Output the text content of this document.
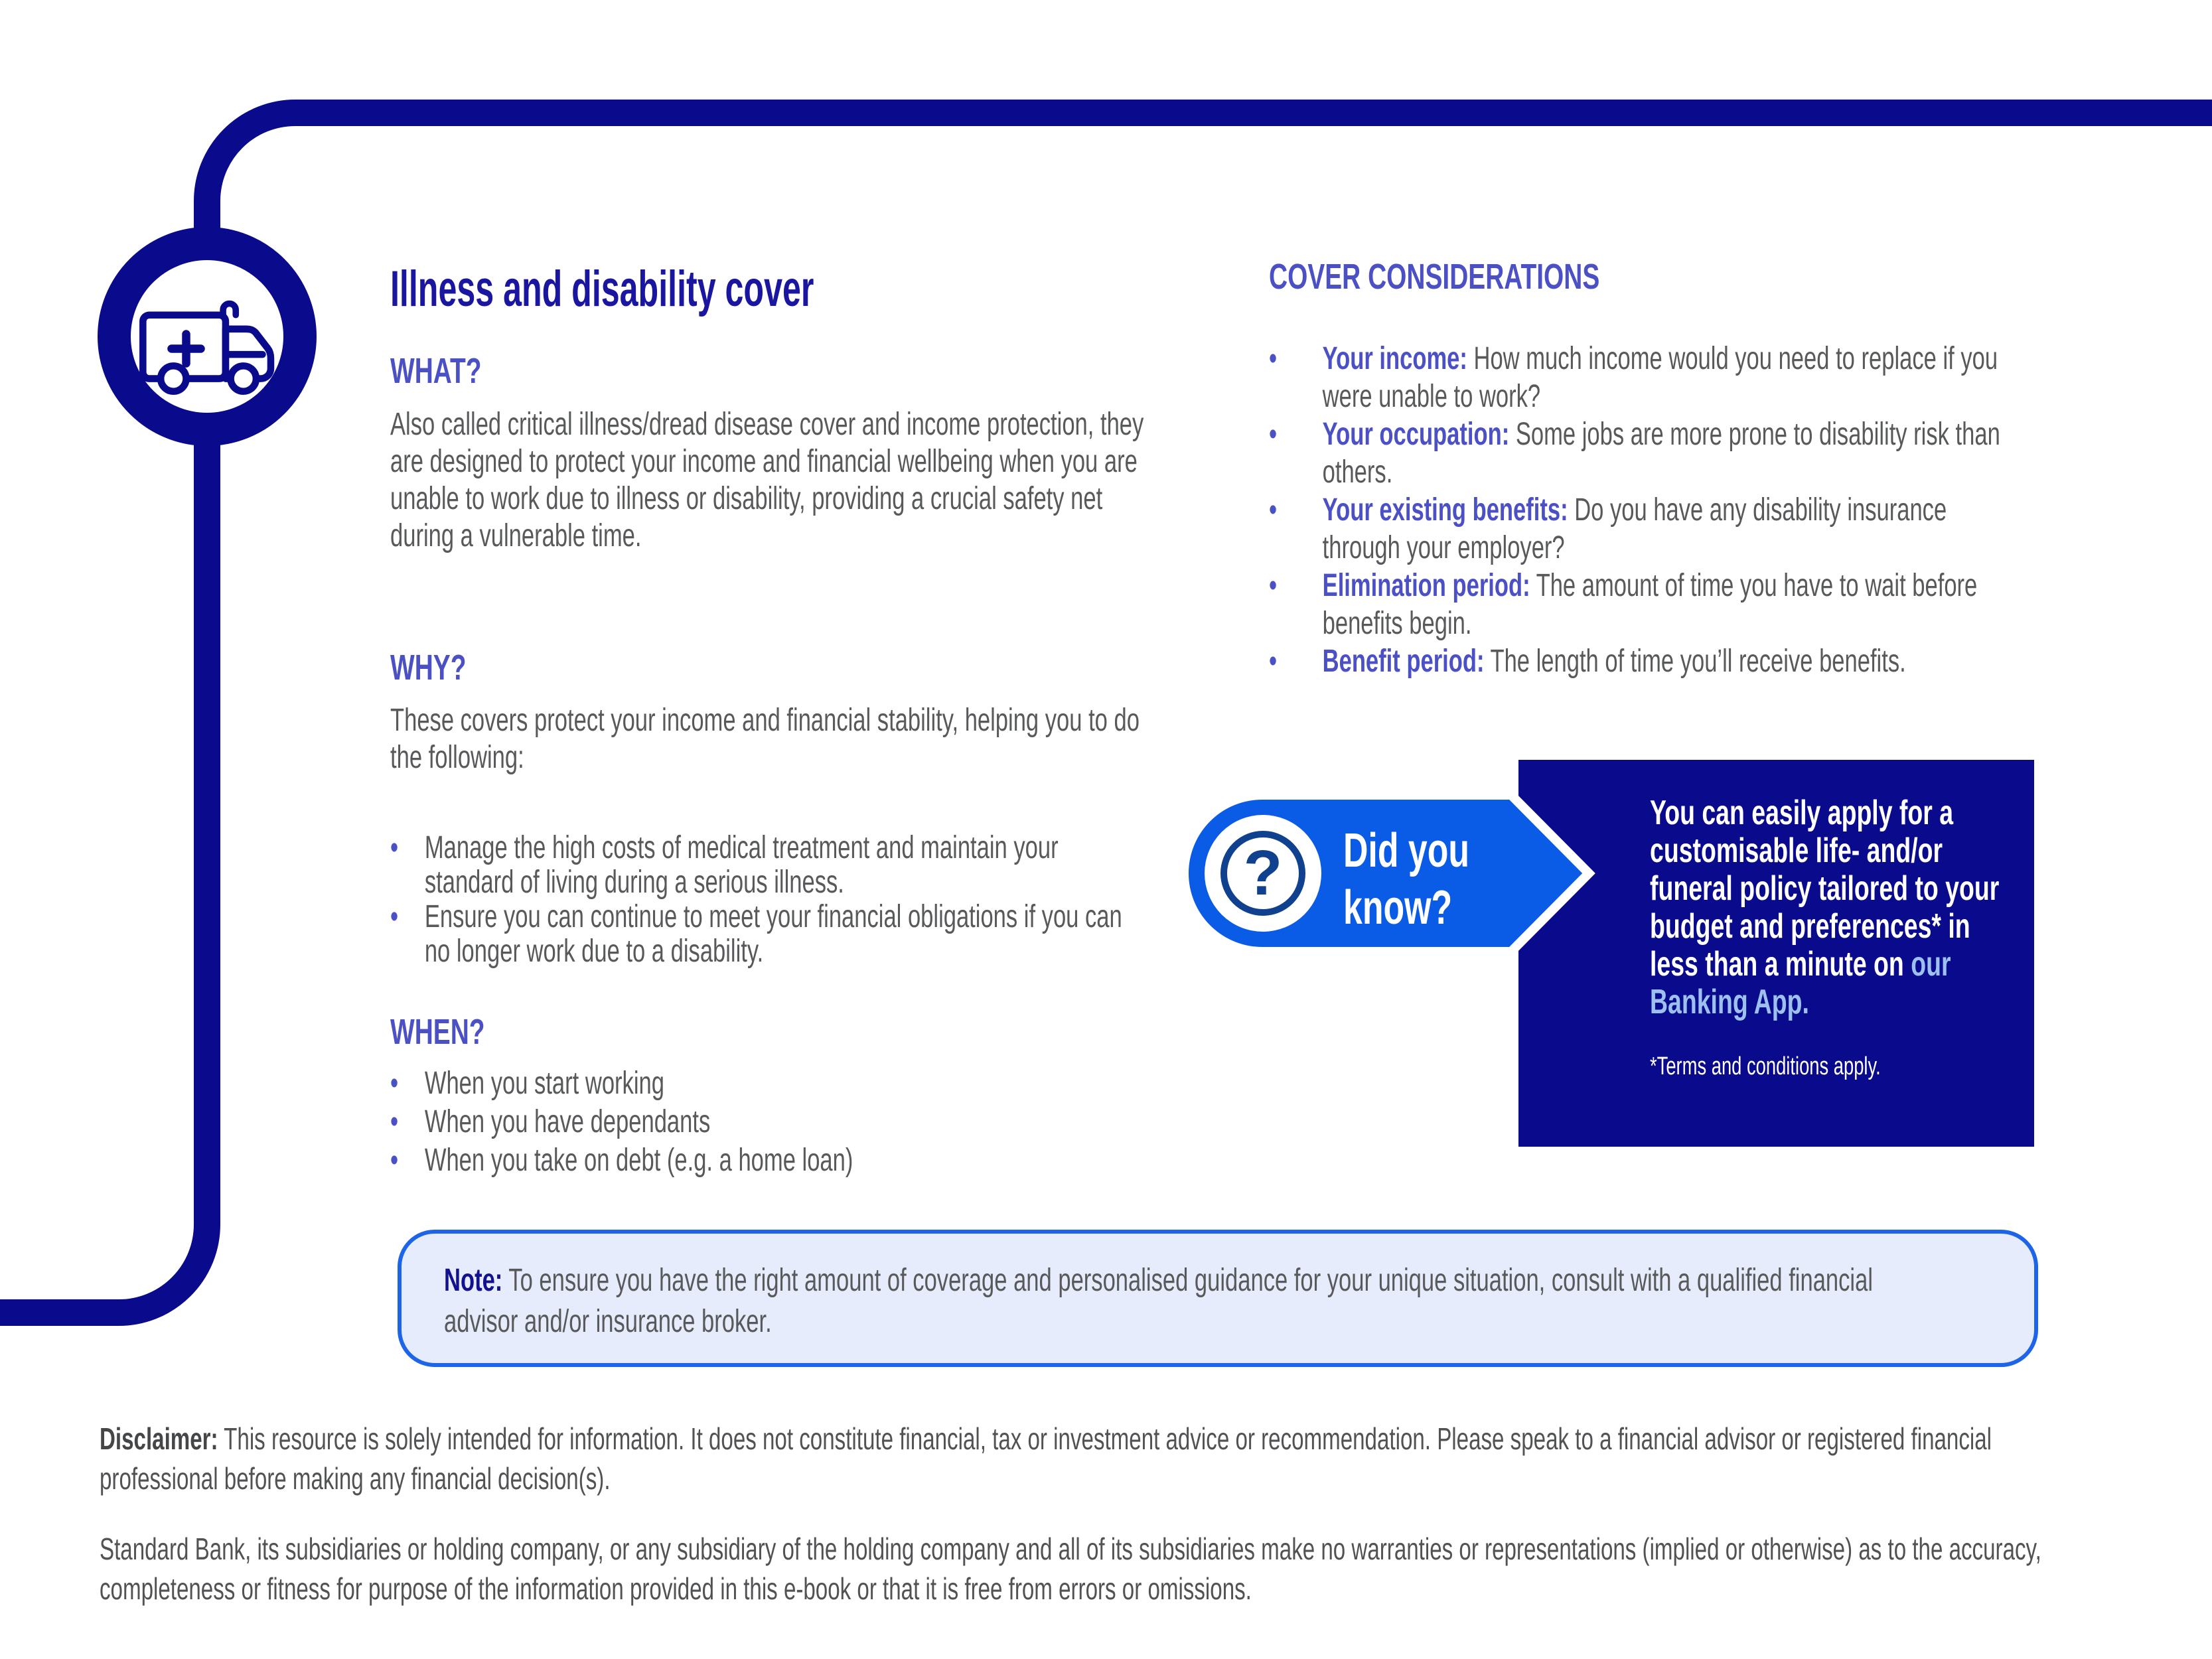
Illness and disability cover
WHAT?
Also called critical illness/dread disease cover and income protection, they are designed to protect your income and financial wellbeing when you are unable to work due to illness or disability, providing a crucial safety net during a vulnerable time.
WHY?
These covers protect your income and financial stability, helping you to do the following:
•
Manage the high costs of medical treatment and maintain your standard of living during a serious illness.
•
Ensure you can continue to meet your financial obligations if you can no longer work due to a disability.
WHEN?
•
When you start working
•
When you have dependants
•
When you take on debt (e.g. a home loan)
COVER CONSIDERATIONS
•
Your income: How much income would you need to replace if you were unable to work?
•
Your occupation: Some jobs are more prone to disability risk than others.
•
Your existing benefits: Do you have any disability insurance through your employer?
•
Elimination period: The amount of time you have to wait before benefits begin.
•
Benefit period: The length of time you’ll receive benefits.
You can easily apply for a customisable life- and/or funeral policy tailored to your budget and preferences* in less than a minute on our Banking App.
*Terms and conditions apply.
? Did you
know?
Note: To ensure you have the right amount of coverage and personalised guidance for your unique situation, consult with a qualified financial advisor and/or insurance broker.
Disclaimer: This resource is solely intended for information. It does not constitute financial, tax or investment advice or recommendation. Please speak to a financial advisor or registered financial professional before making any financial decision(s).
Standard Bank, its subsidiaries or holding company, or any subsidiary of the holding company and all of its subsidiaries make no warranties or representations (implied or otherwise) as to the accuracy, completeness or fitness for purpose of the information provided in this e-book or that it is free from errors or omissions.
